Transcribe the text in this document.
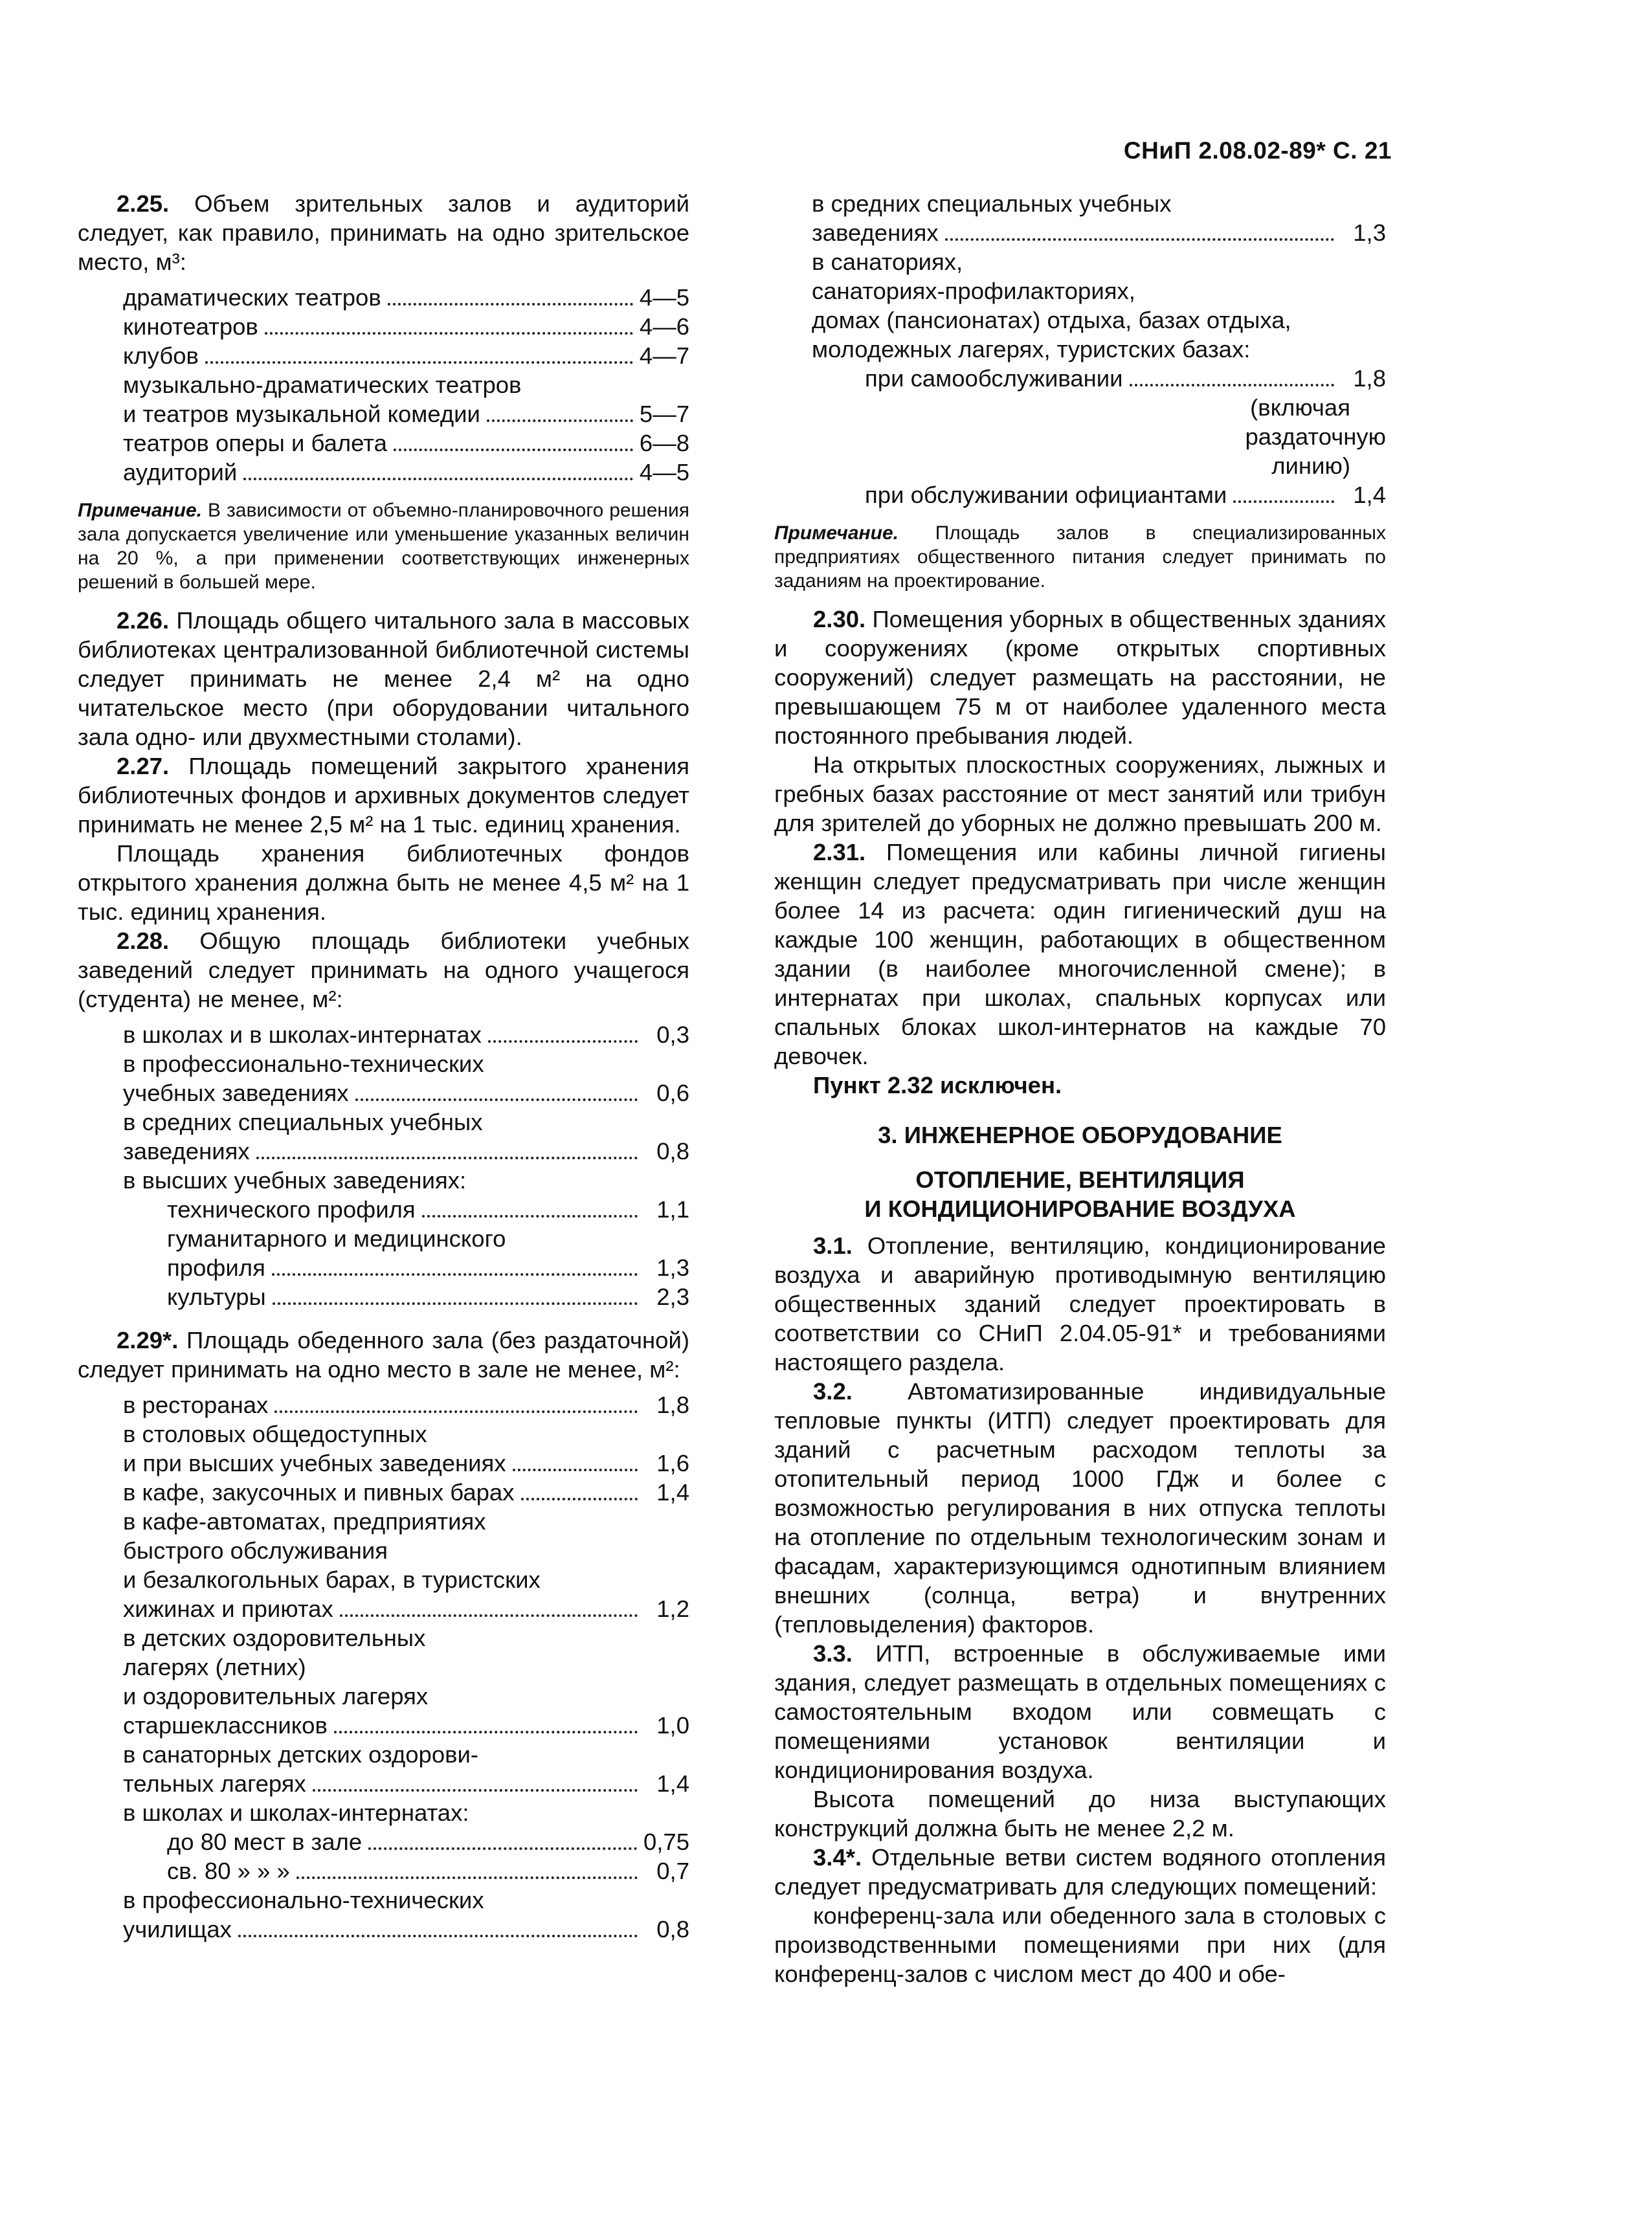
СНиП 2.08.02-89* С. 21

2.25. Объем зрительных залов и аудиторий следует, как правило, принимать на одно зрительское место, м³:

драматических театров	4—5
кинотеатров	4—6
клубов	4—7
музыкально-драматических театров
и театров музыкальной комедии	5—7
театров оперы и балета	6—8
аудиторий	4—5

Примечание. В зависимости от объемно-планировочного решения зала допускается увеличение или уменьшение указанных величин на 20 %, а при применении соответствующих инженерных решений в большей мере.

2.26. Площадь общего читального зала в массовых библиотеках централизованной библиотечной системы следует принимать не менее 2,4 м² на одно читательское место (при оборудовании читального зала одно- или двухместными столами).

2.27. Площадь помещений закрытого хранения библиотечных фондов и архивных документов следует принимать не менее 2,5 м² на 1 тыс. единиц хранения.

Площадь хранения библиотечных фондов открытого хранения должна быть не менее 4,5 м² на 1 тыс. единиц хранения.

2.28. Общую площадь библиотеки учебных заведений следует принимать на одного учащегося (студента) не менее, м²:

в школах и в школах-интернатах	0,3
в профессионально-технических
учебных заведениях	0,6
в средних специальных учебных
заведениях	0,8
в высших учебных заведениях:
технического профиля	1,1
гуманитарного и медицинского
профиля	1,3
культуры	2,3

2.29*. Площадь обеденного зала (без раздаточной) следует принимать на одно место в зале не менее, м²:

в ресторанах	1,8
в столовых общедоступных
и при высших учебных заведениях	1,6
в кафе, закусочных и пивных барах	1,4
в кафе-автоматах, предприятиях
быстрого обслуживания
и безалкогольных барах, в туристских
хижинах и приютах	1,2
в детских оздоровительных
лагерях (летних)
и оздоровительных лагерях
старшеклассников	1,0
в санаторных детских оздорови-
тельных лагерях	1,4
в школах и школах-интернатах:
до 80 мест в зале	0,75
св. 80 » » »	0,7
в профессионально-технических
училищах	0,8
в средних специальных учебных
заведениях	1,3
в санаториях,
санаториях-профилакториях,
домах (пансионатах) отдыха, базах отдыха,
молодежных лагерях, туристских базах:
при самообслуживании	1,8
(включая
раздаточную
линию)
при обслуживании официантами	1,4

Примечание. Площадь залов в специализированных предприятиях общественного питания следует принимать по заданиям на проектирование.

2.30. Помещения уборных в общественных зданиях и сооружениях (кроме открытых спортивных сооружений) следует размещать на расстоянии, не превышающем 75 м от наиболее удаленного места постоянного пребывания людей.

На открытых плоскостных сооружениях, лыжных и гребных базах расстояние от мест занятий или трибун для зрителей до уборных не должно превышать 200 м.

2.31. Помещения или кабины личной гигиены женщин следует предусматривать при числе женщин более 14 из расчета: один гигиенический душ на каждые 100 женщин, работающих в общественном здании (в наиболее многочисленной смене); в интернатах при школах, спальных корпусах или спальных блоках школ-интернатов на каждые 70 девочек.

Пункт 2.32 исключен.

3. ИНЖЕНЕРНОЕ ОБОРУДОВАНИЕ
ОТОПЛЕНИЕ, ВЕНТИЛЯЦИЯ
И КОНДИЦИОНИРОВАНИЕ ВОЗДУХА

3.1. Отопление, вентиляцию, кондиционирование воздуха и аварийную противодымную вентиляцию общественных зданий следует проектировать в соответствии со СНиП 2.04.05-91* и требованиями настоящего раздела.

3.2. Автоматизированные индивидуальные тепловые пункты (ИТП) следует проектировать для зданий с расчетным расходом теплоты за отопительный период 1000 ГДж и более с возможностью регулирования в них отпуска теплоты на отопление по отдельным технологическим зонам и фасадам, характеризующимся однотипным влиянием внешних (солнца, ветра) и внутренних (тепловыделения) факторов.

3.3. ИТП, встроенные в обслуживаемые ими здания, следует размещать в отдельных помещениях с самостоятельным входом или совмещать с помещениями установок вентиляции и кондиционирования воздуха.

Высота помещений до низа выступающих конструкций должна быть не менее 2,2 м.

3.4*. Отдельные ветви систем водяного отопления следует предусматривать для следующих помещений:

конференц-зала или обеденного зала в столовых с производственными помещениями при них (для конференц-залов с числом мест до 400 и обе-
